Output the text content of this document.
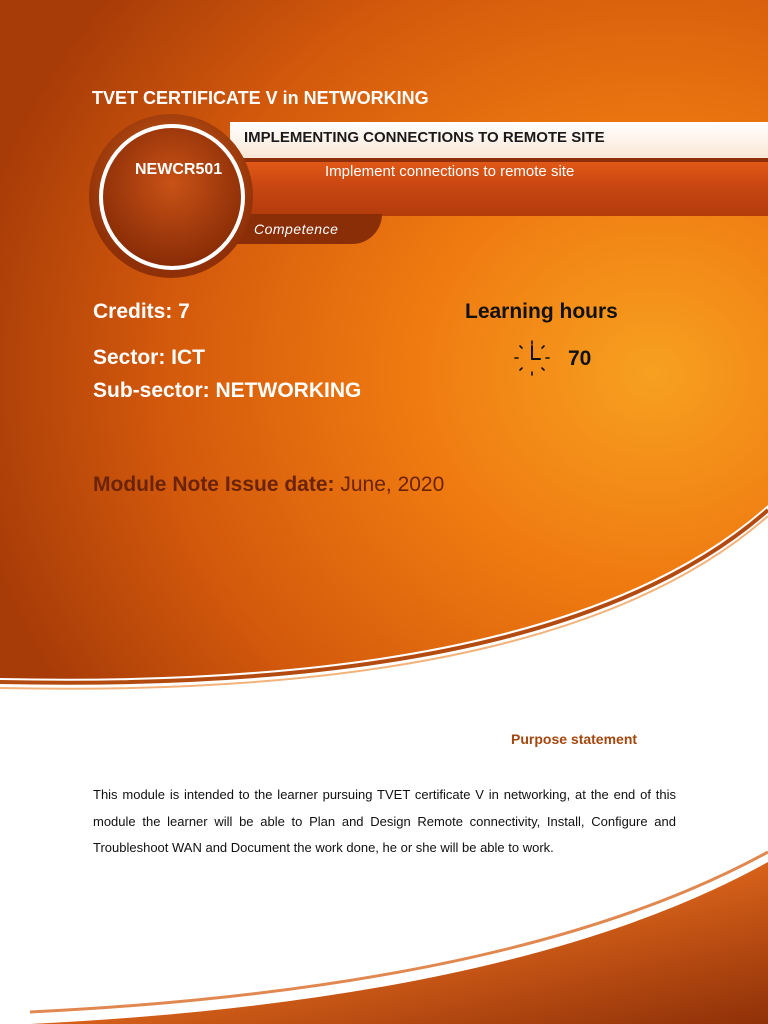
TVET CERTIFICATE V in NETWORKING
Competence
NEWCR501
IMPLEMENTING CONNECTIONS TO REMOTE SITE
Implement connections to remote site
Credits: 7
Sector: ICT
Sub-sector: NETWORKING
Learning hours
70
Module Note Issue date: June, 2020
Purpose statement
This module is intended to the learner pursuing TVET certificate V in networking, at the end of this module the learner will be able to Plan and Design Remote connectivity, Install, Configure and Troubleshoot WAN and Document the work done, he or she will be able to work.
